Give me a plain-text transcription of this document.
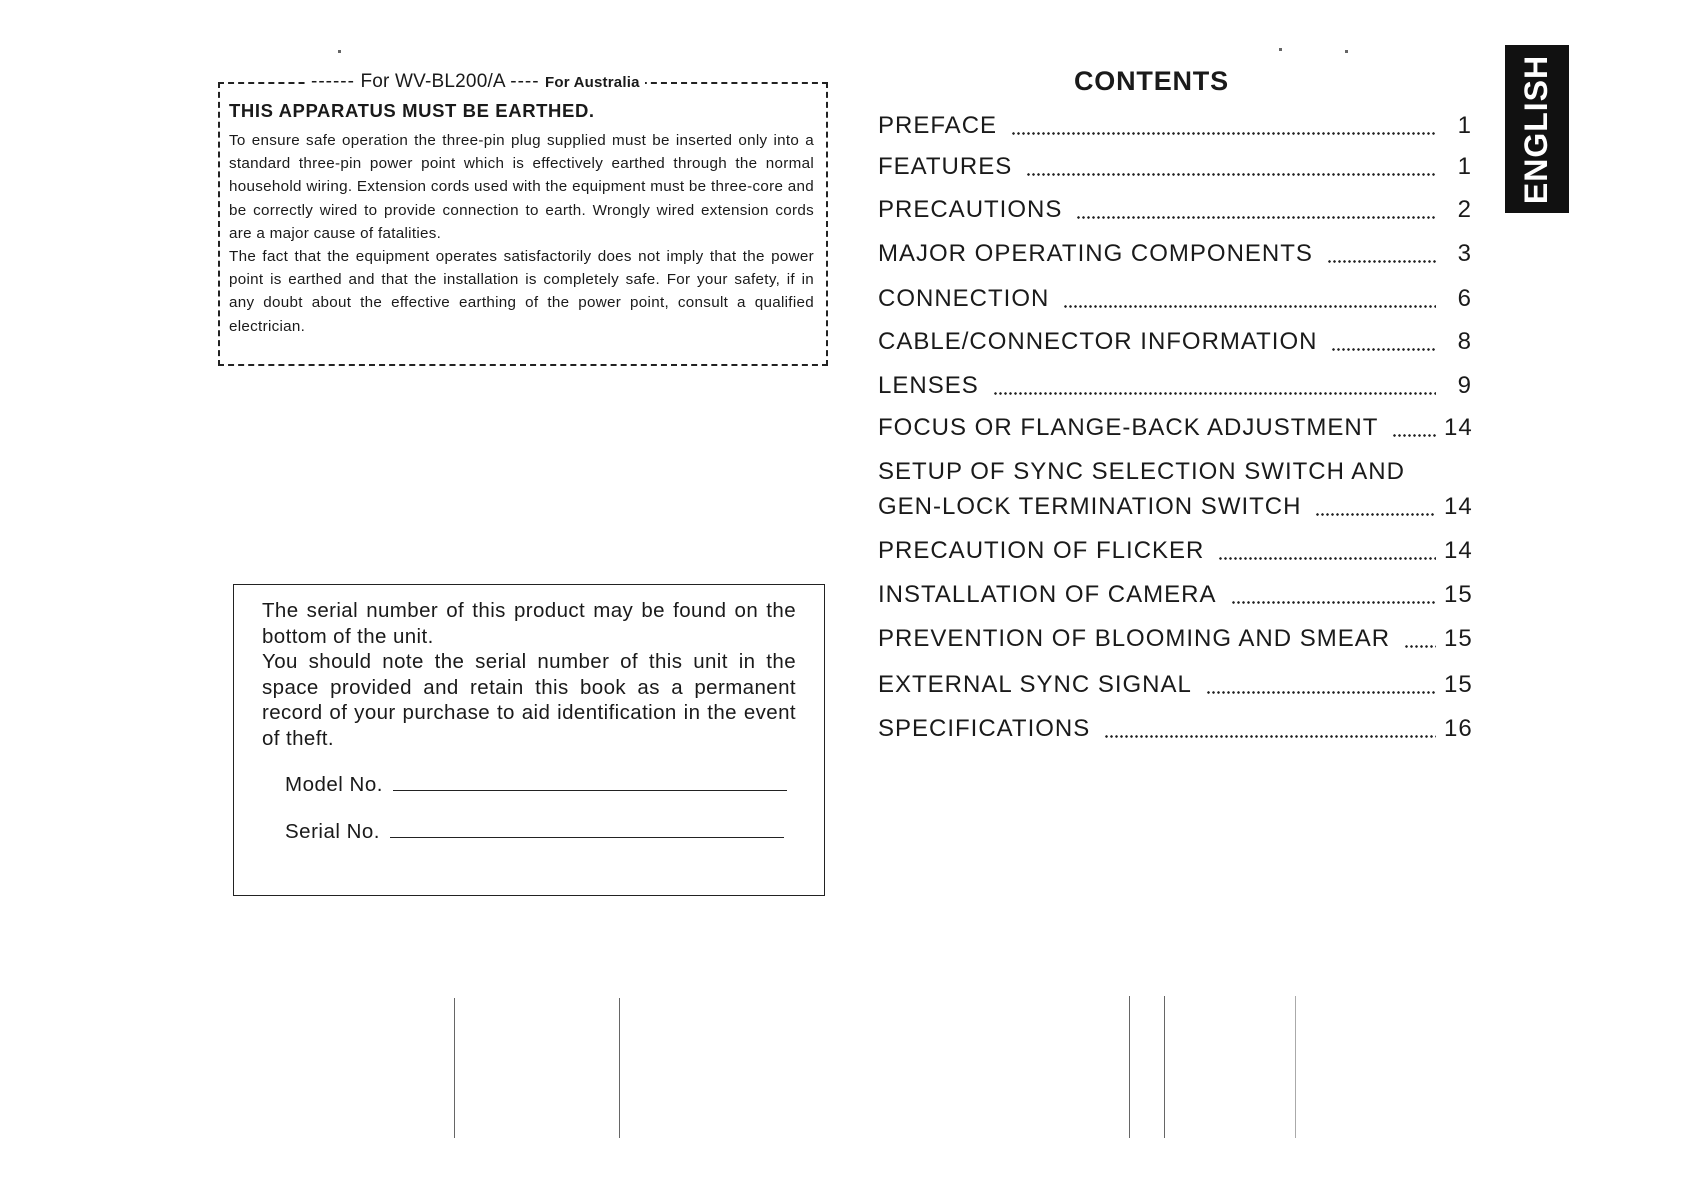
------ For WV-BL200/A ---- For Australia
THIS APPARATUS MUST BE EARTHED.

To ensure safe operation the three-pin plug supplied must be inserted only into a standard three-pin power point which is effectively earthed through the normal household wiring. Extension cords used with the equipment must be three-core and be correctly wired to provide connection to earth. Wrongly wired extension cords are a major cause of fatalities.

The fact that the equipment operates satisfactorily does not imply that the power point is earthed and that the installation is completely safe. For your safety, if in any doubt about the effective earthing of the power point, consult a qualified electrician.

The serial number of this product may be found on the bottom of the unit.

You should note the serial number of this unit in the space provided and retain this book as a permanent record of your purchase to aid identification in the event of theft.

Model No.
Serial No.
CONTENTS
PREFACE	1
FEATURES	1
PRECAUTIONS	2
MAJOR OPERATING COMPONENTS	3
CONNECTION	6
CABLE/CONNECTOR INFORMATION	8
LENSES	9
FOCUS OR FLANGE-BACK ADJUSTMENT	14
SETUP OF SYNC SELECTION SWITCH AND
GEN-LOCK TERMINATION SWITCH	14
PRECAUTION OF FLICKER	14
INSTALLATION OF CAMERA	15
PREVENTION OF BLOOMING AND SMEAR 15
EXTERNAL SYNC SIGNAL	15
SPECIFICATIONS	16
ENGLISH
